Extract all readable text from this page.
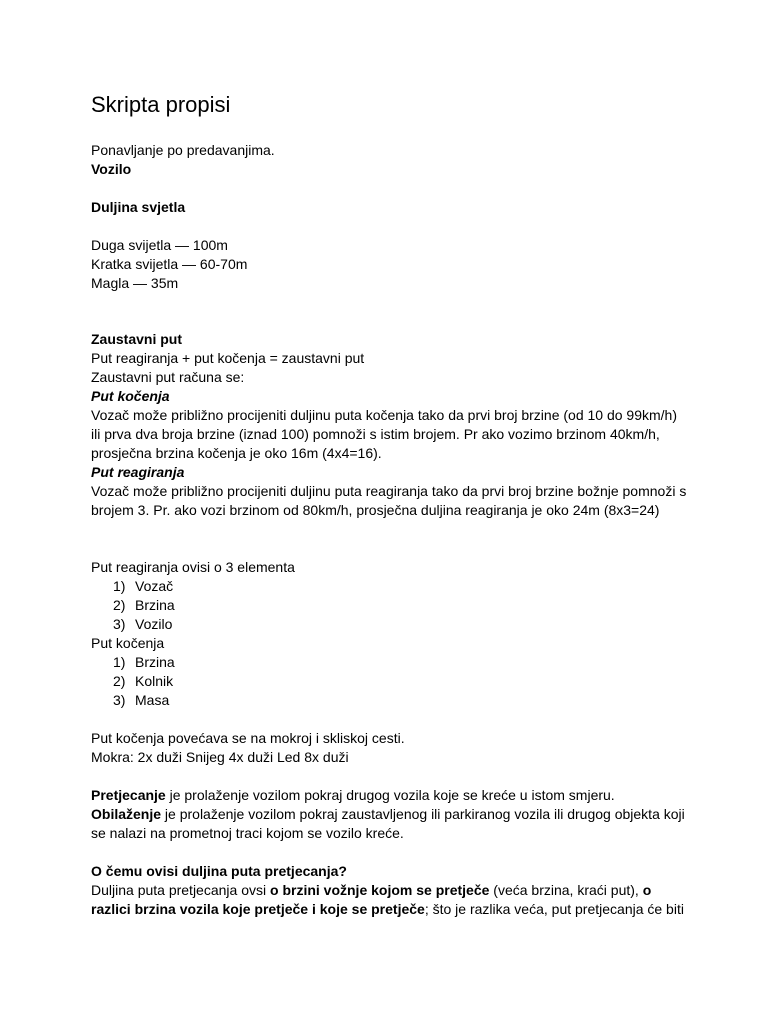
Skripta propisi

Ponavljanje po predavanjima.

Vozilo

Duljina svjetla

Duga svijetla — 100m

Kratka svijetla — 60-70m

Magla — 35m

Zaustavni put

Put reagiranja + put kočenja = zaustavni put

Zaustavni put računa se:

Put kočenja

Vozač može približno procijeniti duljinu puta kočenja tako da prvi broj brzine (od 10 do 99km/h)

ili prva dva broja brzine (iznad 100) pomnoži s istim brojem. Pr ako vozimo brzinom 40km/h,

prosječna brzina kočenja je oko 16m (4x4=16).

Put reagiranja

Vozač može približno procijeniti duljinu puta reagiranja tako da prvi broj brzine božnje pomnoži s

brojem 3. Pr. ako vozi brzinom od 80km/h, prosječna duljina reagiranja je oko 24m (8x3=24)

Put reagiranja ovisi o 3 elementa

1) Vozač
2) Brzina
3) Vozilo

Put kočenja

1) Brzina
2) Kolnik
3) Masa

Put kočenja povećava se na mokroj i skliskoj cesti.

Mokra: 2x duži Snijeg 4x duži Led 8x duži

Pretjecanje je prolaženje vozilom pokraj drugog vozila koje se kreće u istom smjeru.

Obilaženje je prolaženje vozilom pokraj zaustavljenog ili parkiranog vozila ili drugog objekta koji

se nalazi na prometnoj traci kojom se vozilo kreće.

O čemu ovisi duljina puta pretjecanja?

Duljina puta pretjecanja ovsi o brzini vožnje kojom se pretječe (veća brzina, kraći put), o

razlici brzina vozila koje pretječe i koje se pretječe; što je razlika veća, put pretjecanja će biti
